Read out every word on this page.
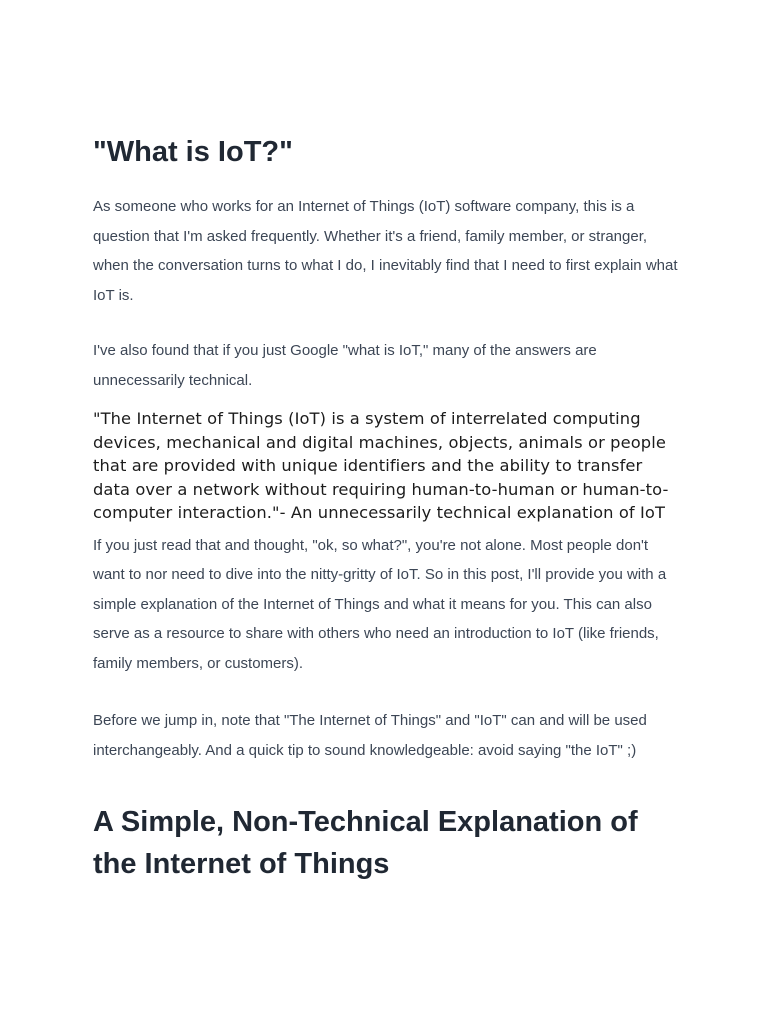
"What is IoT?"

As someone who works for an Internet of Things (IoT) software company, this is a question that I'm asked frequently. Whether it's a friend, family member, or stranger, when the conversation turns to what I do, I inevitably find that I need to first explain what IoT is.

I've also found that if you just Google "what is IoT," many of the answers are unnecessarily technical.

"The Internet of Things (IoT) is a system of interrelated computing devices, mechanical and digital machines, objects, animals or people that are provided with unique identifiers and the ability to transfer data over a network without requiring human-to-human or human-to-computer interaction."- An unnecessarily technical explanation of IoT

If you just read that and thought, "ok, so what?", you're not alone. Most people don't want to nor need to dive into the nitty-gritty of IoT. So in this post, I'll provide you with a simple explanation of the Internet of Things and what it means for you. This can also serve as a resource to share with others who need an introduction to IoT (like friends, family members, or customers).

Before we jump in, note that "The Internet of Things" and "IoT" can and will be used interchangeably. And a quick tip to sound knowledgeable: avoid saying "the IoT" ;)

A Simple, Non-Technical Explanation of the Internet of Things
